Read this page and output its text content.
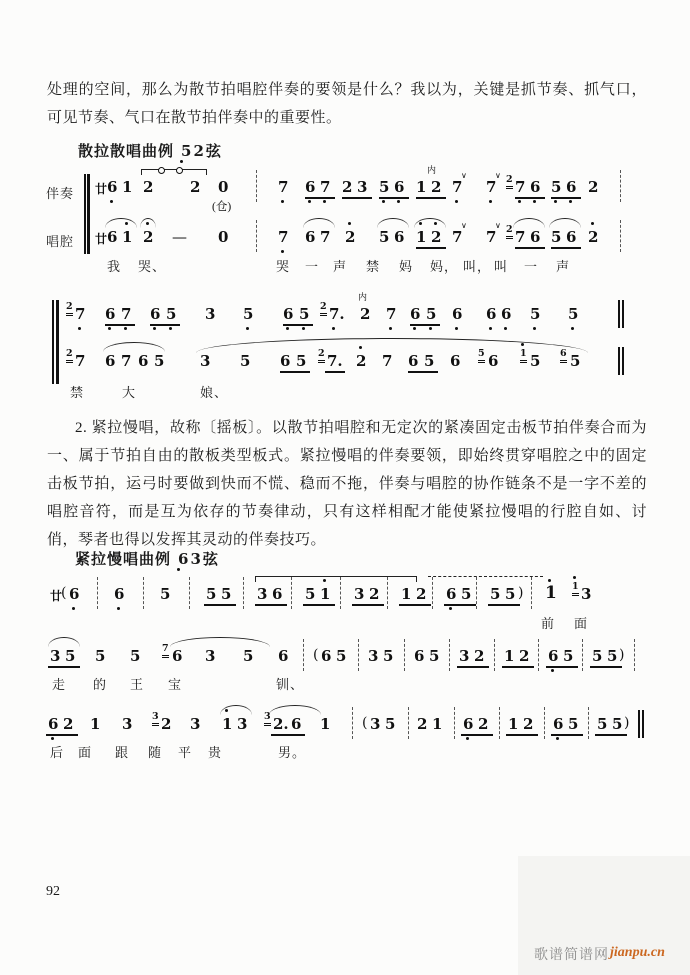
处理的空间，那么为散节拍唱腔伴奏的要领是什么？我以为，关键是抓节奏、抓气口，可见节奏、气口在散节拍伴奏中的重要性。

散拉散唱曲例 52弦
伴奏
唱腔

2. 紧拉慢唱，故称〔摇板〕。以散节拍唱腔和无定次的紧凑固定击板节拍伴奏合而为一、属于节拍自由的散板类型板式。紧拉慢唱的伴奏要领，即始终贯穿唱腔之中的固定击板节拍，运弓时要做到快而不慌、稳而不拖，伴奏与唱腔的协作链条不是一字不差的唱腔音符，而是互为依存的节奏律动，只有这样相配才能使紧拉慢唱的行腔自如、讨俏，琴者也得以发挥其灵动的伴奏技巧。

紧拉慢唱曲例 63弦
(仓)
内
廿 6 1 2 2 0	7 6 7 2 3 5 6 1 2 7
∨
7
∨ 2 7 6 5 6 2
廿 6 1 2 — 0	7 6 7 2 5 6 1 2 7
∨
7
∨ 2 7 6 5 6 2
我 哭、	哭 一 声 禁 妈 妈， 叫， 叫 一 声
内
2 7 6 7 6 5 3 5 6 5 2 7. 2 7 6 5 6 6 6 5 5
2 7 6 7 6 5 3 5 6 5 2 7. 2 7 6 5 6 5 6 1 5 6 5
禁	大	娘、
廿
( 6 6 5 5 5 3 6 5 1 3 2 1 2 6 5 5 5 ) 1 1 3
前 面
3 5 5 5 7 6 3 5 6 ( 6 5 3 5 6 5 3 2 1 2 6 5 5 5 )
走 的 王 宝	钏、
6 2 1 3 3 2 3 1 3 3 2. 6 1 ( 3 5 2 1 6 2 1 2 6 5 5 5 )
后 面 跟 随 平 贵	男。
歌谱简谱网 jianpu.cn
92
